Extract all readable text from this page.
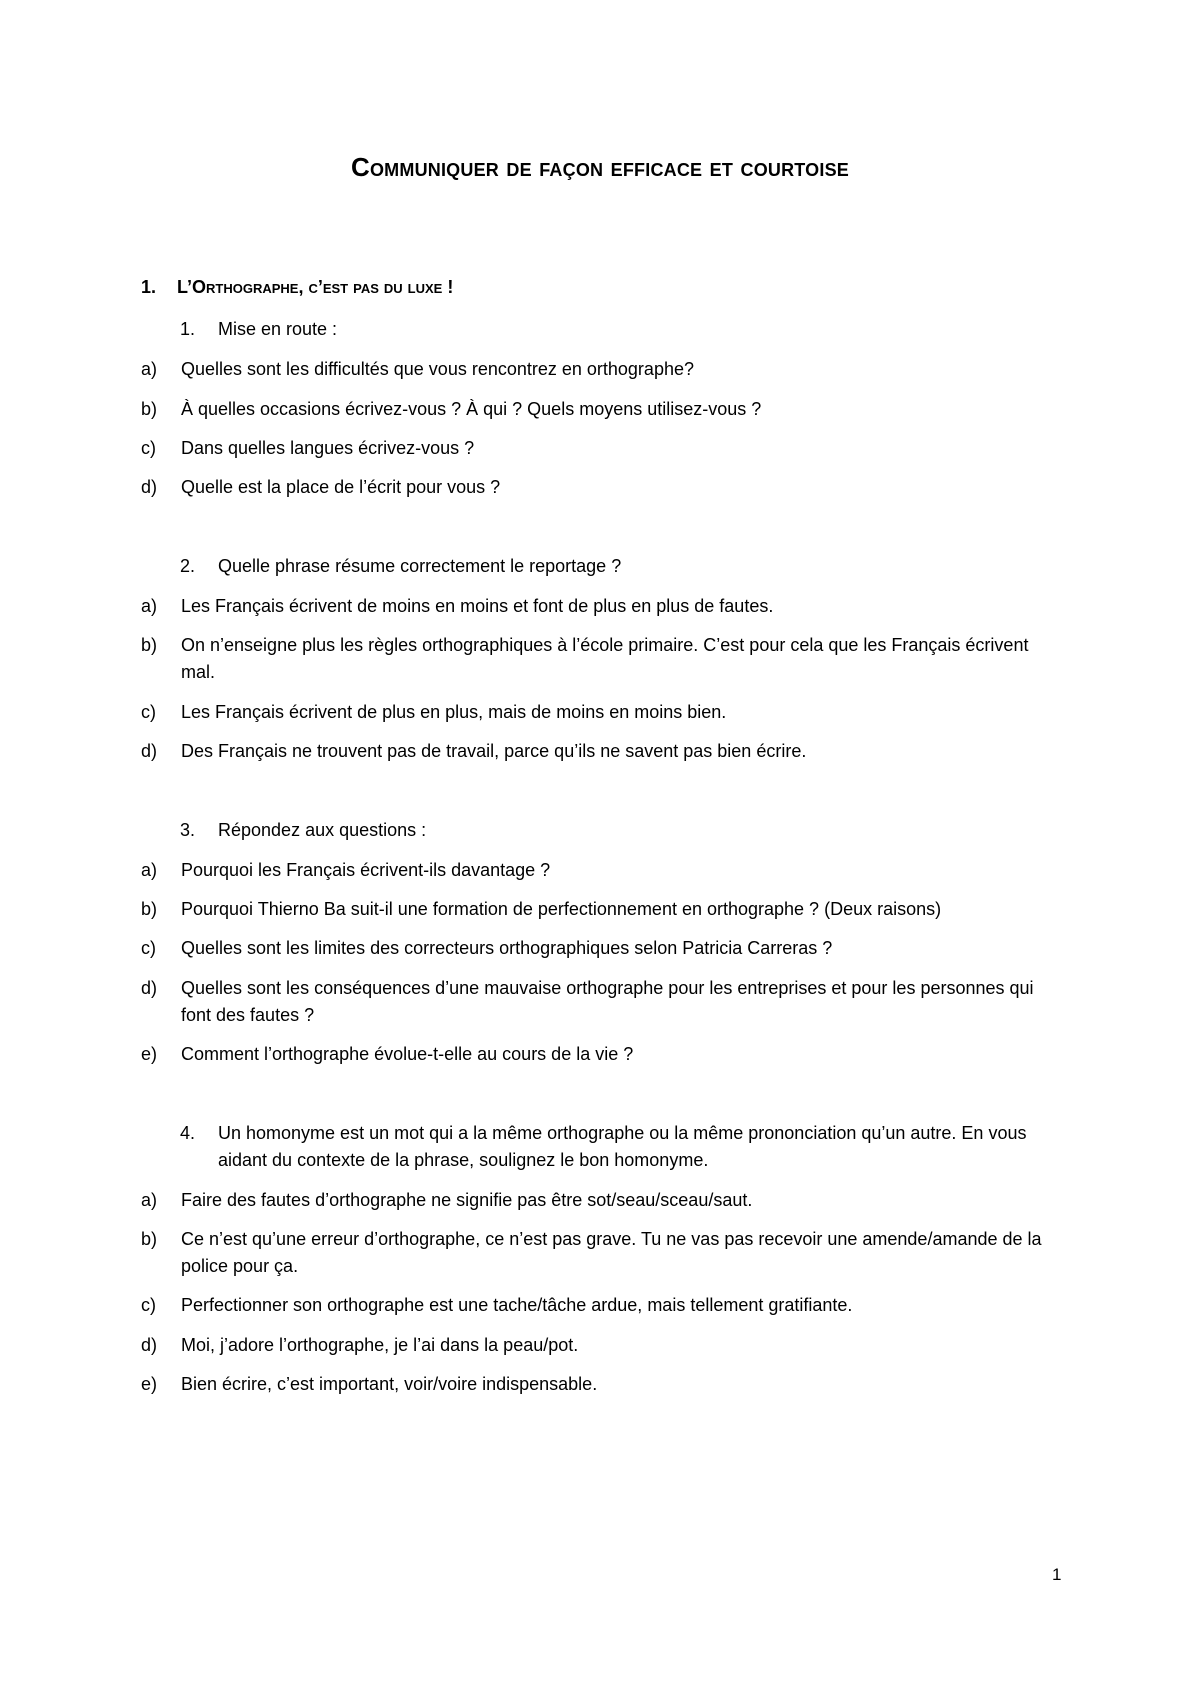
Communiquer de façon efficace et courtoise
1. L’Orthographe, c’est pas du luxe !
1.	Mise en route :
a)	Quelles sont les difficultés que vous rencontrez en orthographe?
b)	À quelles occasions écrivez-vous ? À qui ? Quels moyens utilisez-vous ?
c)	Dans quelles langues écrivez-vous ?
d)	Quelle est la place de l’écrit pour vous ?
2.	Quelle phrase résume correctement le reportage ?
a)	Les Français écrivent de moins en moins et font de plus en plus de fautes.
b)	On n’enseigne plus les règles orthographiques à l’école primaire. C’est pour cela que les Français écrivent mal.
c)	Les Français écrivent de plus en plus, mais de moins en moins bien.
d)	Des Français ne trouvent pas de travail, parce qu’ils ne savent pas bien écrire.
3.	Répondez aux questions :
a)	Pourquoi les Français écrivent-ils davantage ?
b)	Pourquoi Thierno Ba suit-il une formation de perfectionnement en orthographe ? (Deux raisons)
c)	Quelles sont les limites des correcteurs orthographiques selon Patricia Carreras ?
d)	Quelles sont les conséquences d’une mauvaise orthographe pour les entreprises et pour les personnes qui font des fautes ?
e)	Comment l’orthographe évolue-t-elle au cours de la vie ?
4.	Un homonyme est un mot qui a la même orthographe ou la même prononciation qu’un autre. En vous aidant du contexte de la phrase, soulignez le bon homonyme.
a)	Faire des fautes d’orthographe ne signifie pas être sot/seau/sceau/saut.
b)	Ce n’est qu’une erreur d’orthographe, ce n’est pas grave. Tu ne vas pas recevoir une amende/amande de la police pour ça.
c)	Perfectionner son orthographe est une tache/tâche ardue, mais tellement gratifiante.
d)	Moi, j’adore l’orthographe, je l’ai dans la peau/pot.
e)	Bien écrire, c’est important, voir/voire indispensable.
1
